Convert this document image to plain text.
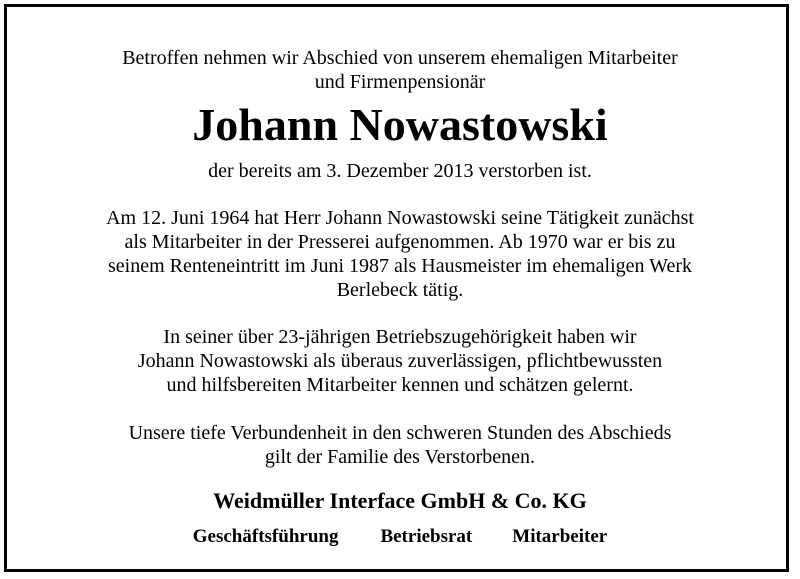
Betroffen nehmen wir Abschied von unserem ehemaligen Mitarbeiter
und Firmenpensionär
Johann Nowastowski
der bereits am 3. Dezember 2013 verstorben ist.
Am 12. Juni 1964 hat Herr Johann Nowastowski seine Tätigkeit zunächst
als Mitarbeiter in der Presserei aufgenommen. Ab 1970 war er bis zu
seinem Renteneintritt im Juni 1987 als Hausmeister im ehemaligen Werk
Berlebeck tätig.
In seiner über 23-jährigen Betriebszugehörigkeit haben wir
Johann Nowastowski als überaus zuverlässigen, pflichtbewussten
und hilfsbereiten Mitarbeiter kennen und schätzen gelernt.
Unsere tiefe Verbundenheit in den schweren Stunden des Abschieds
gilt der Familie des Verstorbenen.
Weidmüller Interface GmbH & Co. KG
Geschäftsführung Betriebsrat Mitarbeiter
